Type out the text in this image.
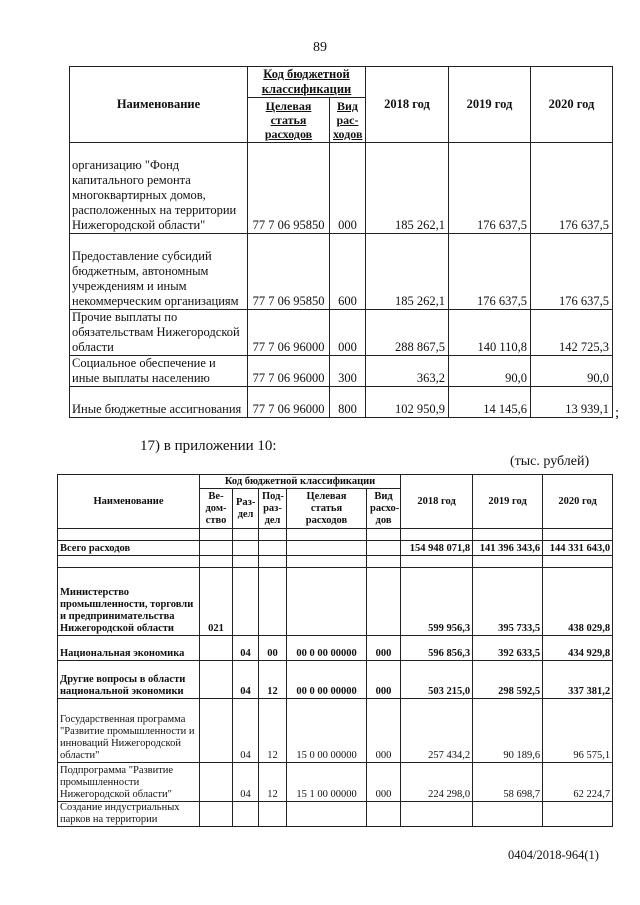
89
Наименование	Код бюджетной классификации		2018 год	2019 год	2020 год
	Целевая статья расходов	Вид рас- ходов			
организацию "Фонд капитального ремонта многоквартирных домов, расположенных на территории Нижегородской области"	77 7 06 95850	000	185 262,1	176 637,5	176 637,5
Предоставление субсидий бюджетным, автономным учреждениям и иным некоммерческим организациям	77 7 06 95850	600	185 262,1	176 637,5	176 637,5
Прочие выплаты по обязательствам Нижегородской области	77 7 06 96000	000	288 867,5	140 110,8	142 725,3
Социальное обеспечение и иные выплаты населению	77 7 06 96000	300	363,2	90,0	90,0
Иные бюджетные ассигнования	77 7 06 96000	800	102 950,9	14 145,6	13 939,1 ;
17) в приложении 10:
(тыс. рублей)
Наименование	Код бюджетной классификации					2018 год	2019 год	2020 год
	Ве- дом- ство	Раз- дел	Под- раз- дел	Целевая статья расходов	Вид расхо- дов			

Всего расходов						154 948 071,8	141 396 343,6	144 331 643,0

Министерство промышленности, торговли и предпринимательства Нижегородской области	021					599 956,3	395 733,5	438 029,8
Национальная экономика		04	00	00 0 00 00000	000	596 856,3	392 633,5	434 929,8
Другие вопросы в области национальной экономики		04	12	00 0 00 00000	000	503 215,0	298 592,5	337 381,2
Государственная программа "Развитие промышленности и инноваций Нижегородской области"		04	12	15 0 00 00000	000	257 434,2	90 189,6	96 575,1
Подпрограмма "Развитие промышленности Нижегородской области"		04	12	15 1 00 00000	000	224 298,0	58 698,7	62 224,7
Создание индустриальных парков на территории								
0404/2018-964(1)
